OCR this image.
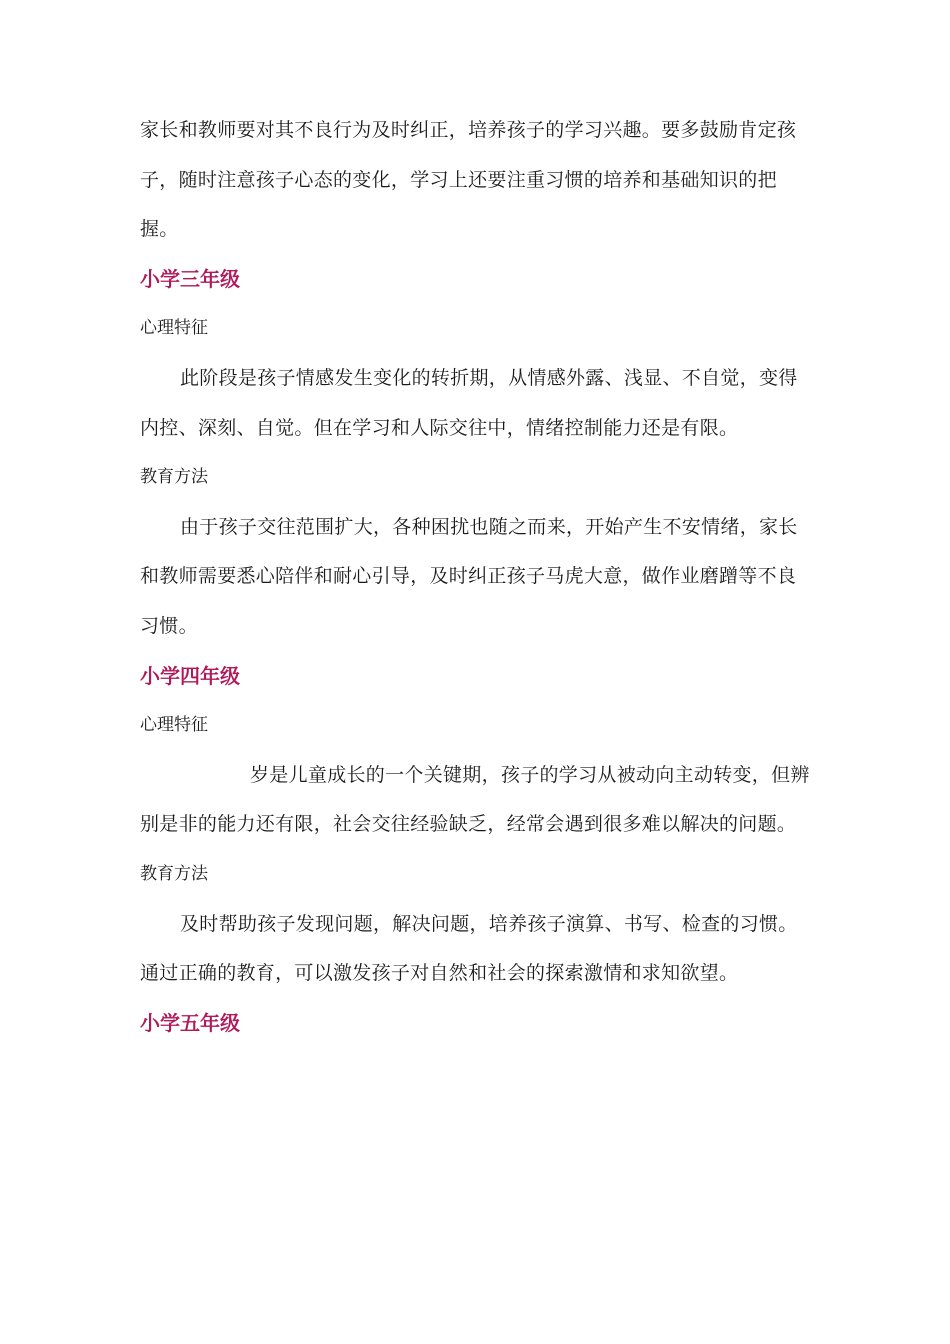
家长和教师要对其不良行为及时纠正，培养孩子的学习兴趣。要多鼓励肯定孩子，随时注意孩子心态的变化，学习上还要注重习惯的培养和基础知识的把握。

小学三年级

心理特征

此阶段是孩子情感发生变化的转折期，从情感外露、浅显、不自觉，变得内控、深刻、自觉。但在学习和人际交往中，情绪控制能力还是有限。

教育方法

由于孩子交往范围扩大，各种困扰也随之而来，开始产生不安情绪，家长和教师需要悉心陪伴和耐心引导，及时纠正孩子马虎大意，做作业磨蹭等不良习惯。

小学四年级

心理特征

岁是儿童成长的一个关键期，孩子的学习从被动向主动转变，但辨别是非的能力还有限，社会交往经验缺乏，经常会遇到很多难以解决的问题。

教育方法

及时帮助孩子发现问题，解决问题，培养孩子演算、书写、检查的习惯。通过正确的教育，可以激发孩子对自然和社会的探索激情和求知欲望。

小学五年级
